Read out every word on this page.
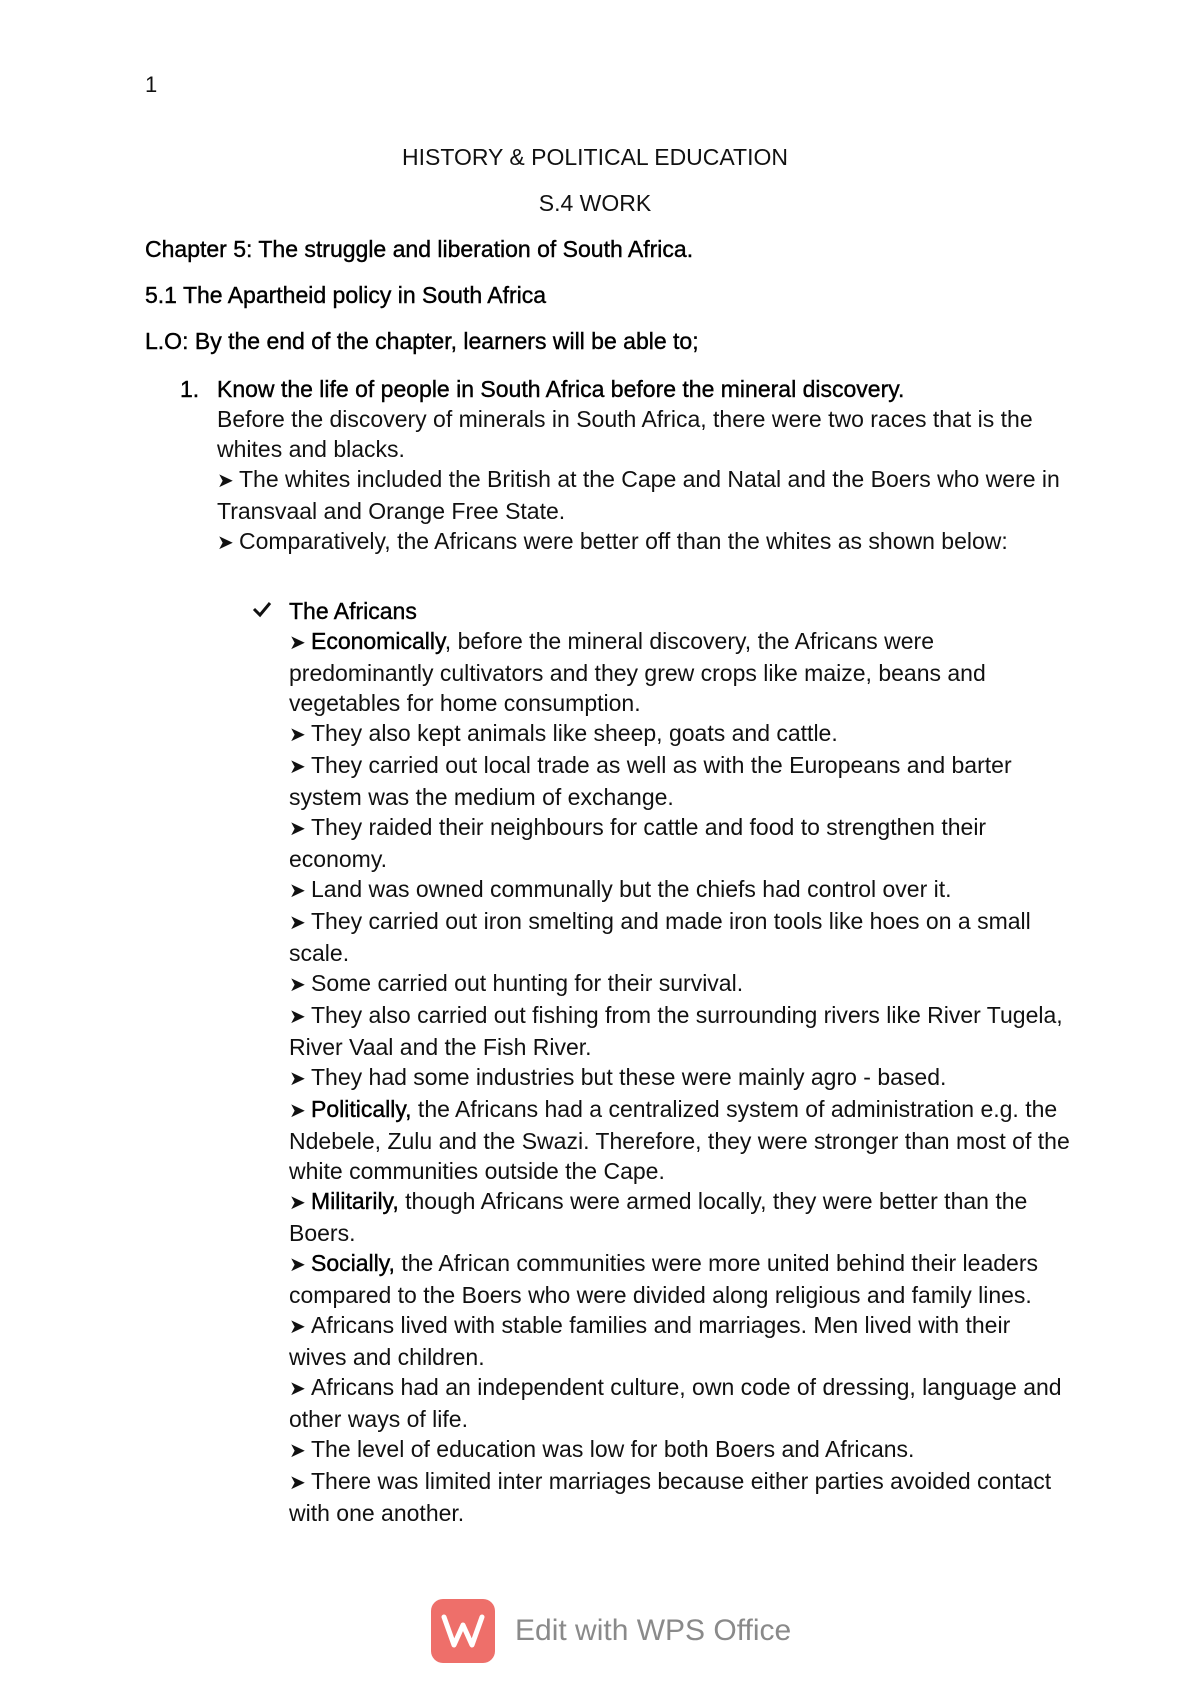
1
HISTORY & POLITICAL EDUCATION
S.4 WORK
Chapter 5: The struggle and liberation of South Africa.
5.1 The Apartheid policy in South Africa
L.O: By the end of the chapter, learners will be able to;
1. Know the life of people in South Africa before the mineral discovery.
Before the discovery of minerals in South Africa, there were two races that is the whites and blacks.
➤ The whites included the British at the Cape and Natal and the Boers who were in Transvaal and Orange Free State.
➤ Comparatively, the Africans were better off than the whites as shown below:
The Africans
➤ Economically, before the mineral discovery, the Africans were predominantly cultivators and they grew crops like maize, beans and vegetables for home consumption.
➤ They also kept animals like sheep, goats and cattle.
➤ They carried out local trade as well as with the Europeans and barter system was the medium of exchange.
➤ They raided their neighbours for cattle and food to strengthen their economy.
➤ Land was owned communally but the chiefs had control over it.
➤ They carried out iron smelting and made iron tools like hoes on a small scale.
➤ Some carried out hunting for their survival.
➤ They also carried out fishing from the surrounding rivers like River Tugela, River Vaal and the Fish River.
➤ They had some industries but these were mainly agro - based.
➤ Politically, the Africans had a centralized system of administration e.g. the Ndebele, Zulu and the Swazi. Therefore, they were stronger than most of the white communities outside the Cape.
➤ Militarily, though Africans were armed locally, they were better than the Boers.
➤ Socially, the African communities were more united behind their leaders compared to the Boers who were divided along religious and family lines.
➤ Africans lived with stable families and marriages. Men lived with their wives and children.
➤ Africans had an independent culture, own code of dressing, language and other ways of life.
➤ The level of education was low for both Boers and Africans.
➤ There was limited inter marriages because either parties avoided contact with one another.
Edit with WPS Office
